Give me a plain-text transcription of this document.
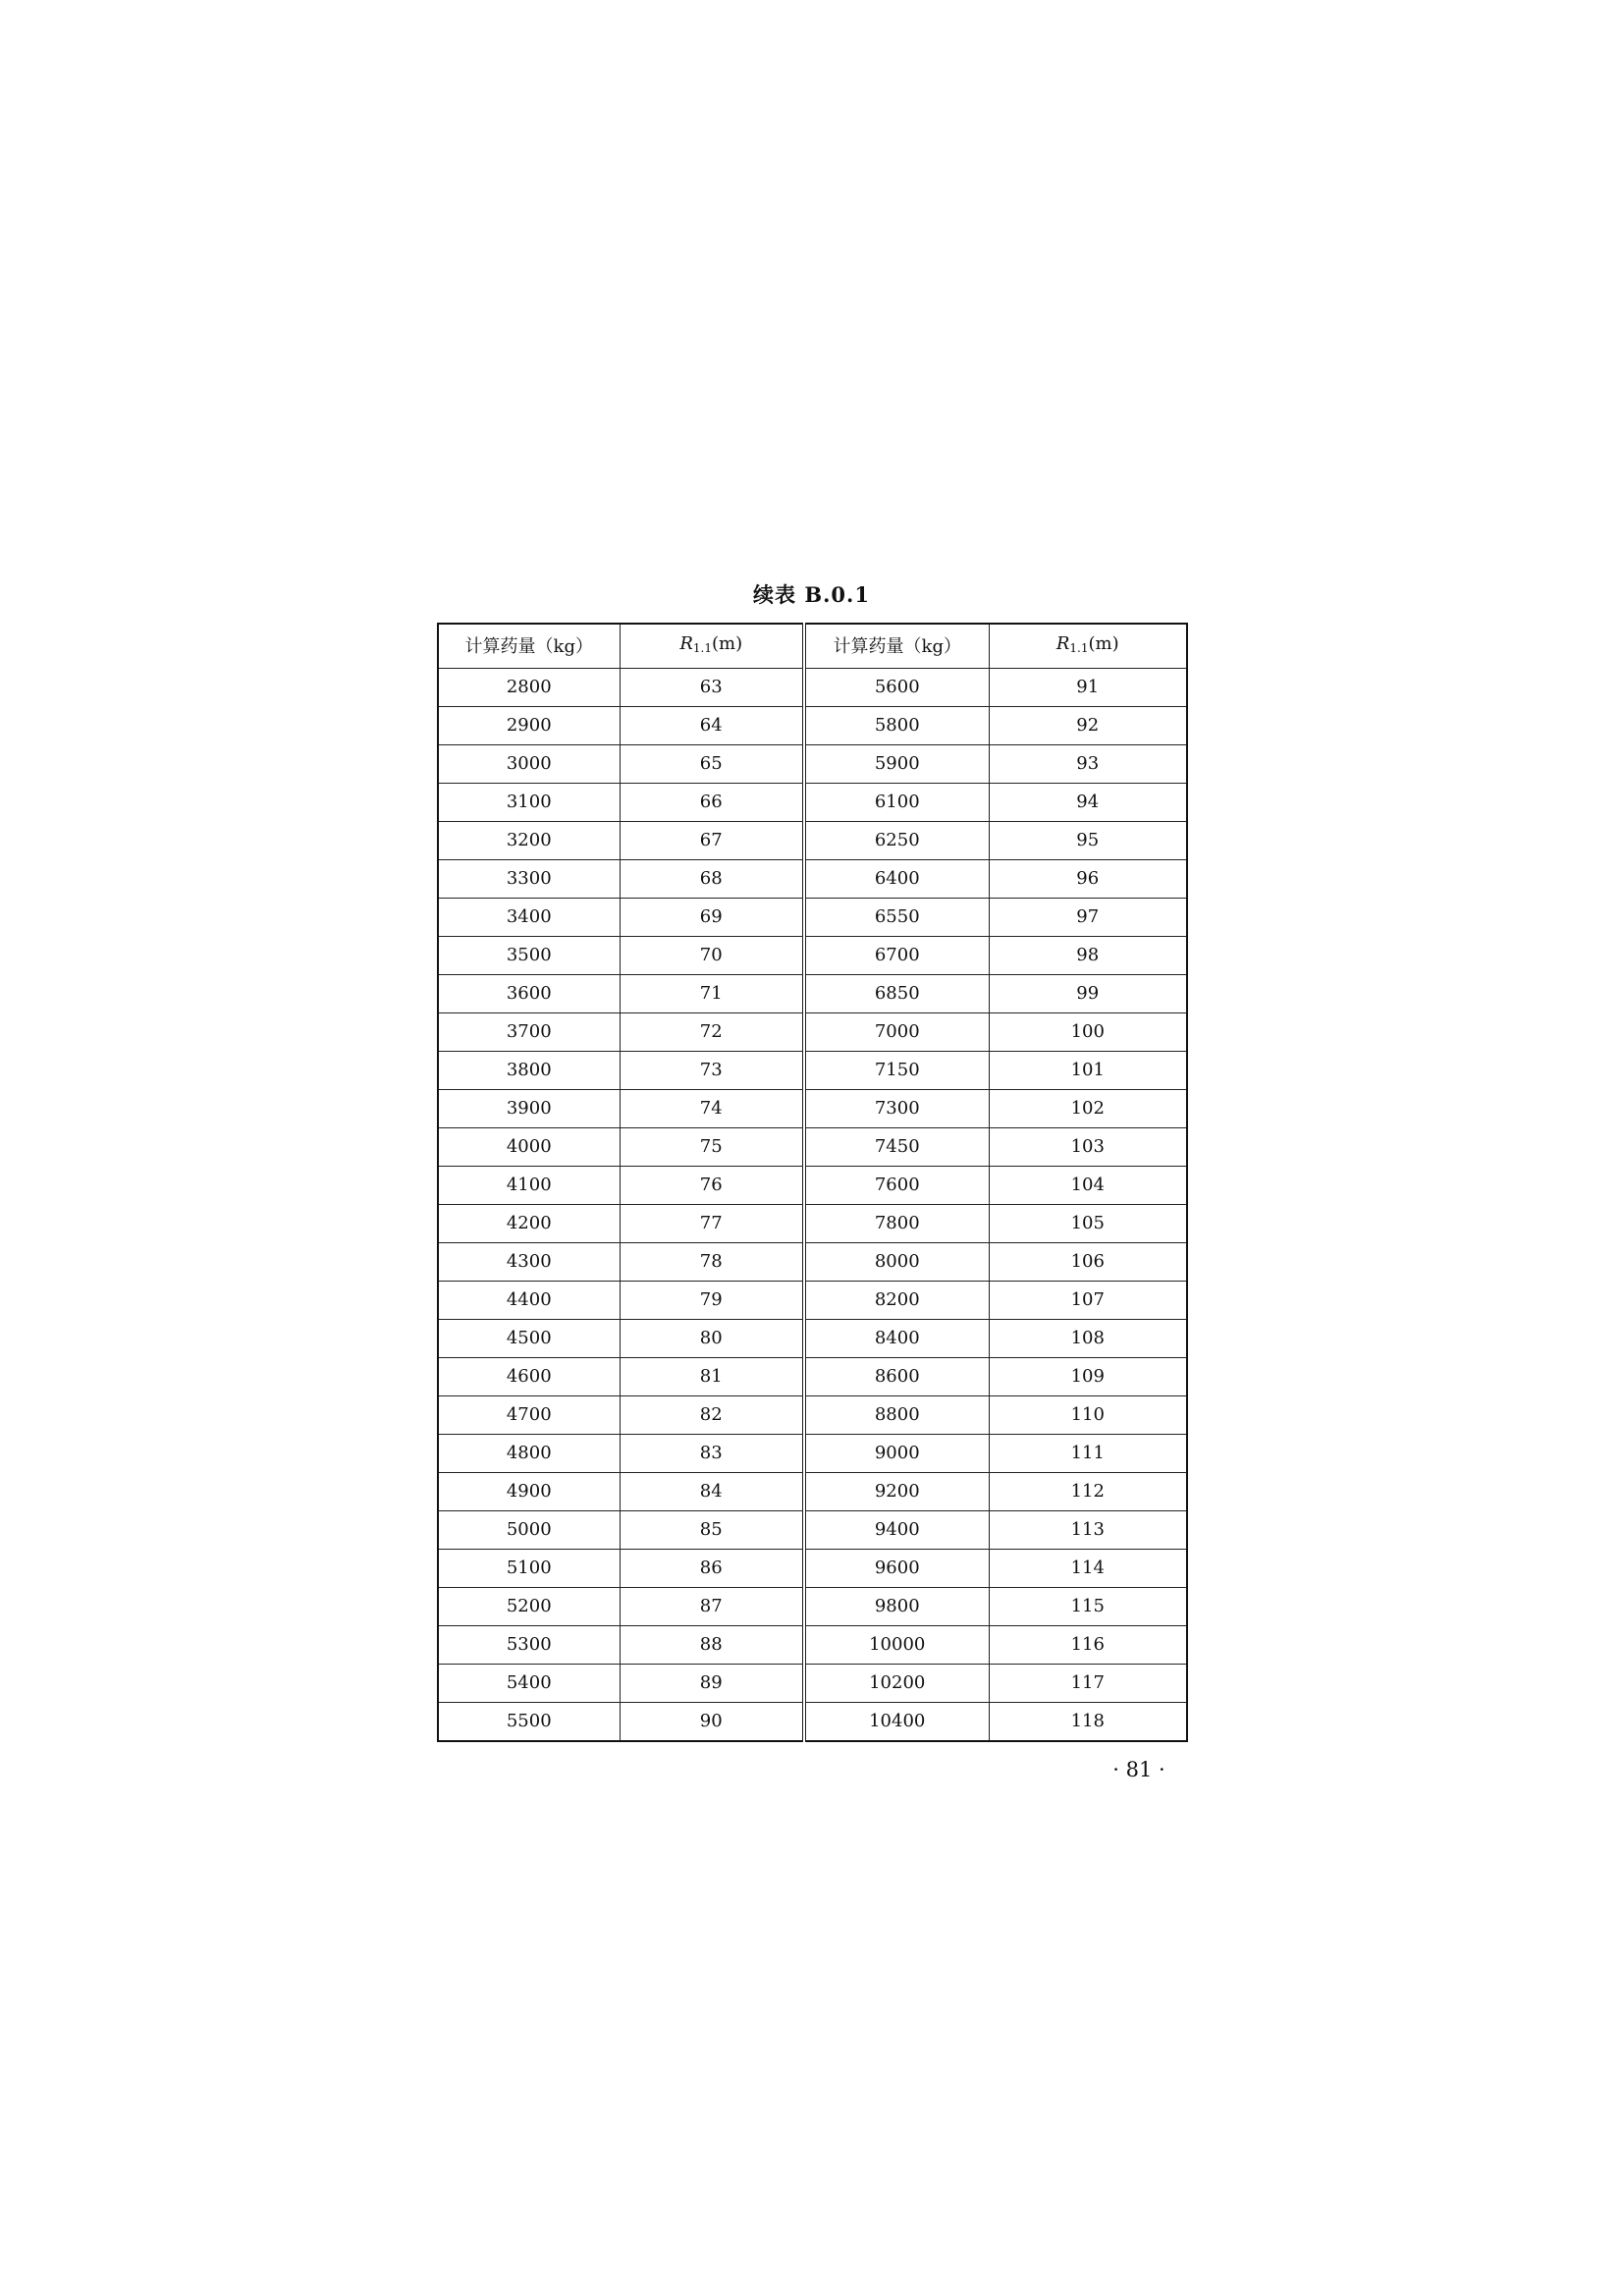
续表 B.0.1
计算药量（kg）	$R_{1.1}(m)$	计算药量（kg）	$R_{1.1}(m)$
2800	63	5600	91
2900	64	5800	92
3000	65	5900	93
3100	66	6100	94
3200	67	6250	95
3300	68	6400	96
3400	69	6550	97
3500	70	6700	98
3600	71	6850	99
3700	72	7000	100
3800	73	7150	101
3900	74	7300	102
4000	75	7450	103
4100	76	7600	104
4200	77	7800	105
4300	78	8000	106
4400	79	8200	107
4500	80	8400	108
4600	81	8600	109
4700	82	8800	110
4800	83	9000	111
4900	84	9200	112
5000	85	9400	113
5100	86	9600	114
5200	87	9800	115
5300	88	10000	116
5400	89	10200	117
5500	90	10400	118
· 81 ·
